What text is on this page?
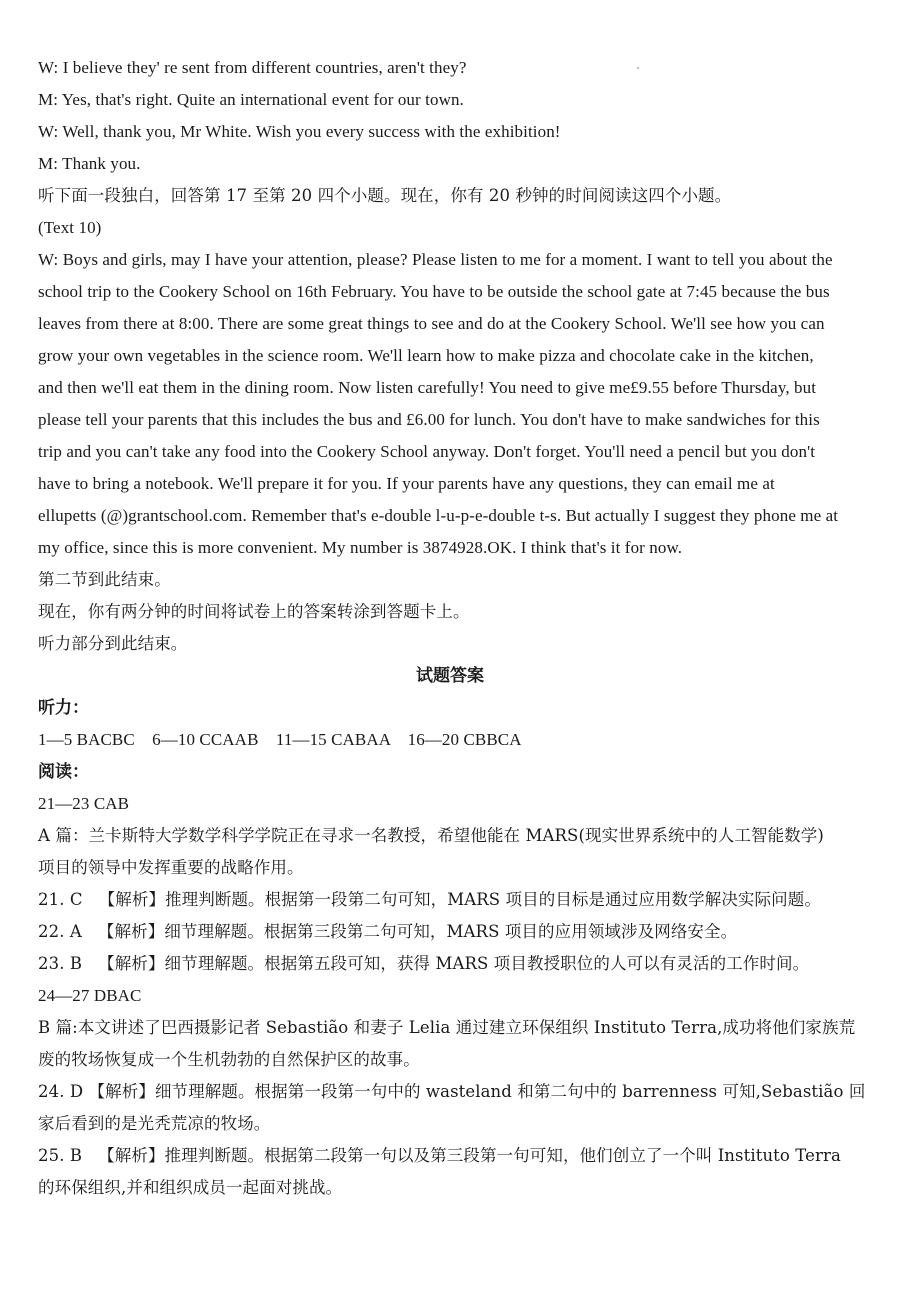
W: I believe they' re sent from different countries, aren't they?
M: Yes, that's right. Quite an international event for our town.
W: Well, thank you, Mr White. Wish you every success with the exhibition!
M: Thank you.
听下面一段独白，回答第 17 至第 20 四个小题。现在，你有 20 秒钟的时间阅读这四个小题。
(Text 10)
W: Boys and girls, may I have your attention, please? Please listen to me for a moment. I want to tell you about the
school trip to the Cookery School on 16th February. You have to be outside the school gate at 7:45 because the bus
leaves from there at 8:00. There are some great things to see and do at the Cookery School. We'll see how you can
grow your own vegetables in the science room. We'll learn how to make pizza and chocolate cake in the kitchen,
and then we'll eat them in the dining room. Now listen carefully! You need to give me£9.55 before Thursday, but
please tell your parents that this includes the bus and £6.00 for lunch. You don't have to make sandwiches for this
trip and you can't take any food into the Cookery School anyway. Don't forget. You'll need a pencil but you don't
have to bring a notebook. We'll prepare it for you. If your parents have any questions, they can email me at
ellupetts (@)grantschool.com. Remember that's e-double l-u-p-e-double t-s. But actually I suggest they phone me at
my office, since this is more convenient. My number is 3874928.OK. I think that's it for now.
第二节到此结束。
现在，你有两分钟的时间将试卷上的答案转涂到答题卡上。
听力部分到此结束。
试题答案
听力：
1—5 BACBC    6—10 CCAAB    11—15 CABAA    16—20 CBBCA
阅读：
21—23 CAB
A 篇：兰卡斯特大学数学科学学院正在寻求一名教授，希望他能在 MARS(现实世界系统中的人工智能数学)
项目的领导中发挥重要的战略作用。
21. C   【解析】推理判断题。根据第一段第二句可知，MARS 项目的目标是通过应用数学解决实际问题。
22. A   【解析】细节理解题。根据第三段第二句可知，MARS 项目的应用领域涉及网络安全。
23. B   【解析】细节理解题。根据第五段可知，获得 MARS 项目教授职位的人可以有灵活的工作时间。
24—27 DBAC
B 篇:本文讲述了巴西摄影记者 Sebastião 和妻子 Lelia 通过建立环保组织 Instituto Terra,成功将他们家族荒
废的牧场恢复成一个生机勃勃的自然保护区的故事。
24. D 【解析】细节理解题。根据第一段第一句中的 wasteland 和第二句中的 barrenness 可知,Sebastião 回
家后看到的是光秃荒凉的牧场。
25. B   【解析】推理判断题。根据第二段第一句以及第三段第一句可知，他们创立了一个叫 Instituto Terra
的环保组织,并和组织成员一起面对挑战。
